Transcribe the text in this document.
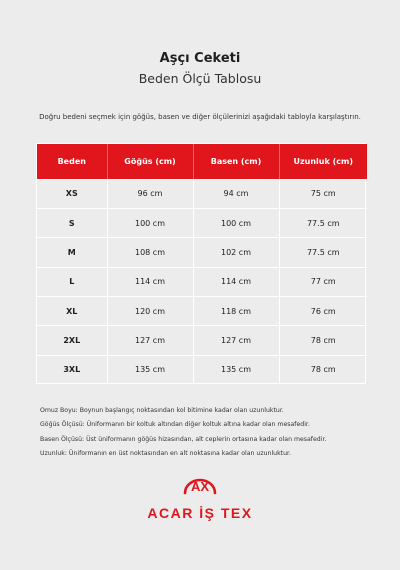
Aşçı Ceketi
Beden Ölçü Tablosu
Doğru bedeni seçmek için göğüs, basen ve diğer ölçülerinizi aşağıdaki tabloyla karşılaştırın.
Beden	Göğüs (cm)	Basen (cm)	Uzunluk (cm)
XS	96 cm	94 cm	75 cm
S	100 cm	100 cm	77.5 cm
M	108 cm	102 cm	77.5 cm
L	114 cm	114 cm	77 cm
XL	120 cm	118 cm	76 cm
2XL	127 cm	127 cm	78 cm
3XL	135 cm	135 cm	78 cm
Omuz Boyu: Boynun başlangıç noktasından kol bitimine kadar olan uzunluktur.
Göğüs Ölçüsü: Üniformanın bir koltuk altından diğer koltuk altına kadar olan mesafedir.
Basen Ölçüsü: Üst üniformanın göğüs hizasından, alt ceplerin ortasına kadar olan mesafedir.
Uzunluk: Üniformanın en üst noktasından en alt noktasına kadar olan uzunluktur.
AX
ACAR İŞ TEX
